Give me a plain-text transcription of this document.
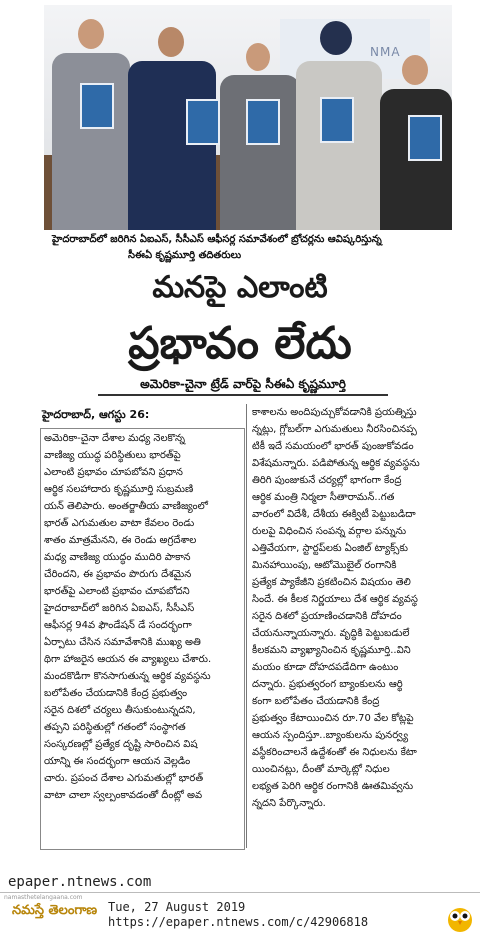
NMA
హైదరాబాద్‌లో జరిగిన ఏఐఎస్, సీసీఎస్ ఆఫీసర్ల సమావేశంలో బ్రోచర్లను ఆవిష్కరిస్తున్న
సీఈఏ కృష్ణమూర్తి తదితరులు
మనపై ఎలాంటి
ప్రభావం లేదు
అమెరికా-చైనా ట్రేడ్ వార్‌పై సీఈఏ కృష్ణమూర్తి
హైదరాబాద్, ఆగస్టు 26:
అమెరికా-చైనా దేశాల మధ్య నెలకొన్న
వాణిజ్య యుద్ధ పరిస్థితులు భారత్‌పై
ఎలాంటి ప్రభావం చూపబోవని ప్రధాన
ఆర్థిక సలహాదారు కృష్ణమూర్తి సుబ్రమణి
యన్ తెలిపారు. అంతర్జాతీయ వాణిజ్యంలో
భారత్ ఎగుమతుల వాటా కేవలం రెండు
శాతం మాత్రమేనని, ఈ రెండు అగ్రదేశాల
మధ్య వాణిజ్య యుద్ధం ముదిరి పాకాన
చేరిందని, ఈ ప్రభావం పొరుగు దేశమైన
భారత్‌పై ఎలాంటి ప్రభావం చూపబోదని
హైదరాబాద్‌లో జరిగిన ఏఐఎస్, సీసీఎస్
ఆఫీసర్ల 94వ ఫౌండేషన్ డే సందర్భంగా
ఏర్పాటు చేసిన సమావేశానికి ముఖ్య అతి
థిగా హాజరైన ఆయన ఈ వ్యాఖ్యలు చేశారు.
మందకొడిగా కొనసాగుతున్న ఆర్థిక వ్యవస్థను
బలోపేతం చేయడానికి కేంద్ర ప్రభుత్వం
సరైన దిశలో చర్యలు తీసుకుంటున్నదని,
తప్పని పరిస్థితుల్లో గతంలో సంస్థాగత
సంస్కరణల్లో ప్రత్యేక దృష్టి సారించిన విష
యాన్ని ఈ సందర్భంగా ఆయన వెల్లడిం
చారు. ప్రపంచ దేశాల ఎగుమతుల్లో భారత్
వాటా చాలా స్వల్పంకావడంతో దీంట్లో అవ
కాశాలను అందిపుచ్చుకోవడానికి ప్రయత్నిస్తు
న్నట్లు, గ్లోబల్‌గా ఎగుమతులు నీరసించినప్ప
టికీ ఇదే సమయంలో భారత్ పుంజుకోవడం
విశేషమన్నారు. పడిపోతున్న ఆర్థిక వ్యవస్థను
తిరిగి పుంజుకునే చర్యల్లో భాగంగా కేంద్ర
ఆర్థిక మంత్రి నిర్మలా సీతారామన్..గత
వారంలో విదేశీ, దేశీయ ఈక్విటీ పెట్టుబడిదా
రులపై విధించిన సంపన్న వర్గాల పన్నును
ఎత్తివేయగా, స్టార్టప్‌లకు ఏంజిల్ ట్యాక్స్‌కు
మినహాయింపు, ఆటోమొబైల్ రంగానికి
ప్రత్యేక ప్యాకేజీని ప్రకటించిన విషయం తెలి
సిందే. ఈ కీలక నిర్ణయాలు దేశ ఆర్థిక వ్యవస్థ
సరైన దిశలో ప్రయాణించడానికి దోహదం
చేయనున్నాయన్నారు. వృద్ధికి పెట్టుబడులే
కీలకమని వ్యాఖ్యానించిన కృష్ణమూర్తి..విని
మయం కూడా దోహదపడేదిగా ఉంటుం
దన్నారు. ప్రభుత్వరంగ బ్యాంకులను ఆర్థి
కంగా బలోపేతం చేయడానికి కేంద్ర
ప్రభుత్వం కేటాయించిన రూ.70 వేల కోట్లపై
ఆయన స్పందిస్తూ..బ్యాంకులను పునర్వ్య
వస్థీకరించాలనే ఉద్దేశంతో ఈ నిధులను కేటా
యించినట్లు, దీంతో మార్కెట్లో నిధుల
లభ్యత పెరిగి ఆర్థిక రంగానికి ఊతమివ్వను
న్నదని పేర్కొన్నారు.
epaper.ntnews.com
namasthetelangaana.com
నమస్తే తెలంగాణ Tue, 27 August 2019
https://epaper.ntnews.com/c/42906818
